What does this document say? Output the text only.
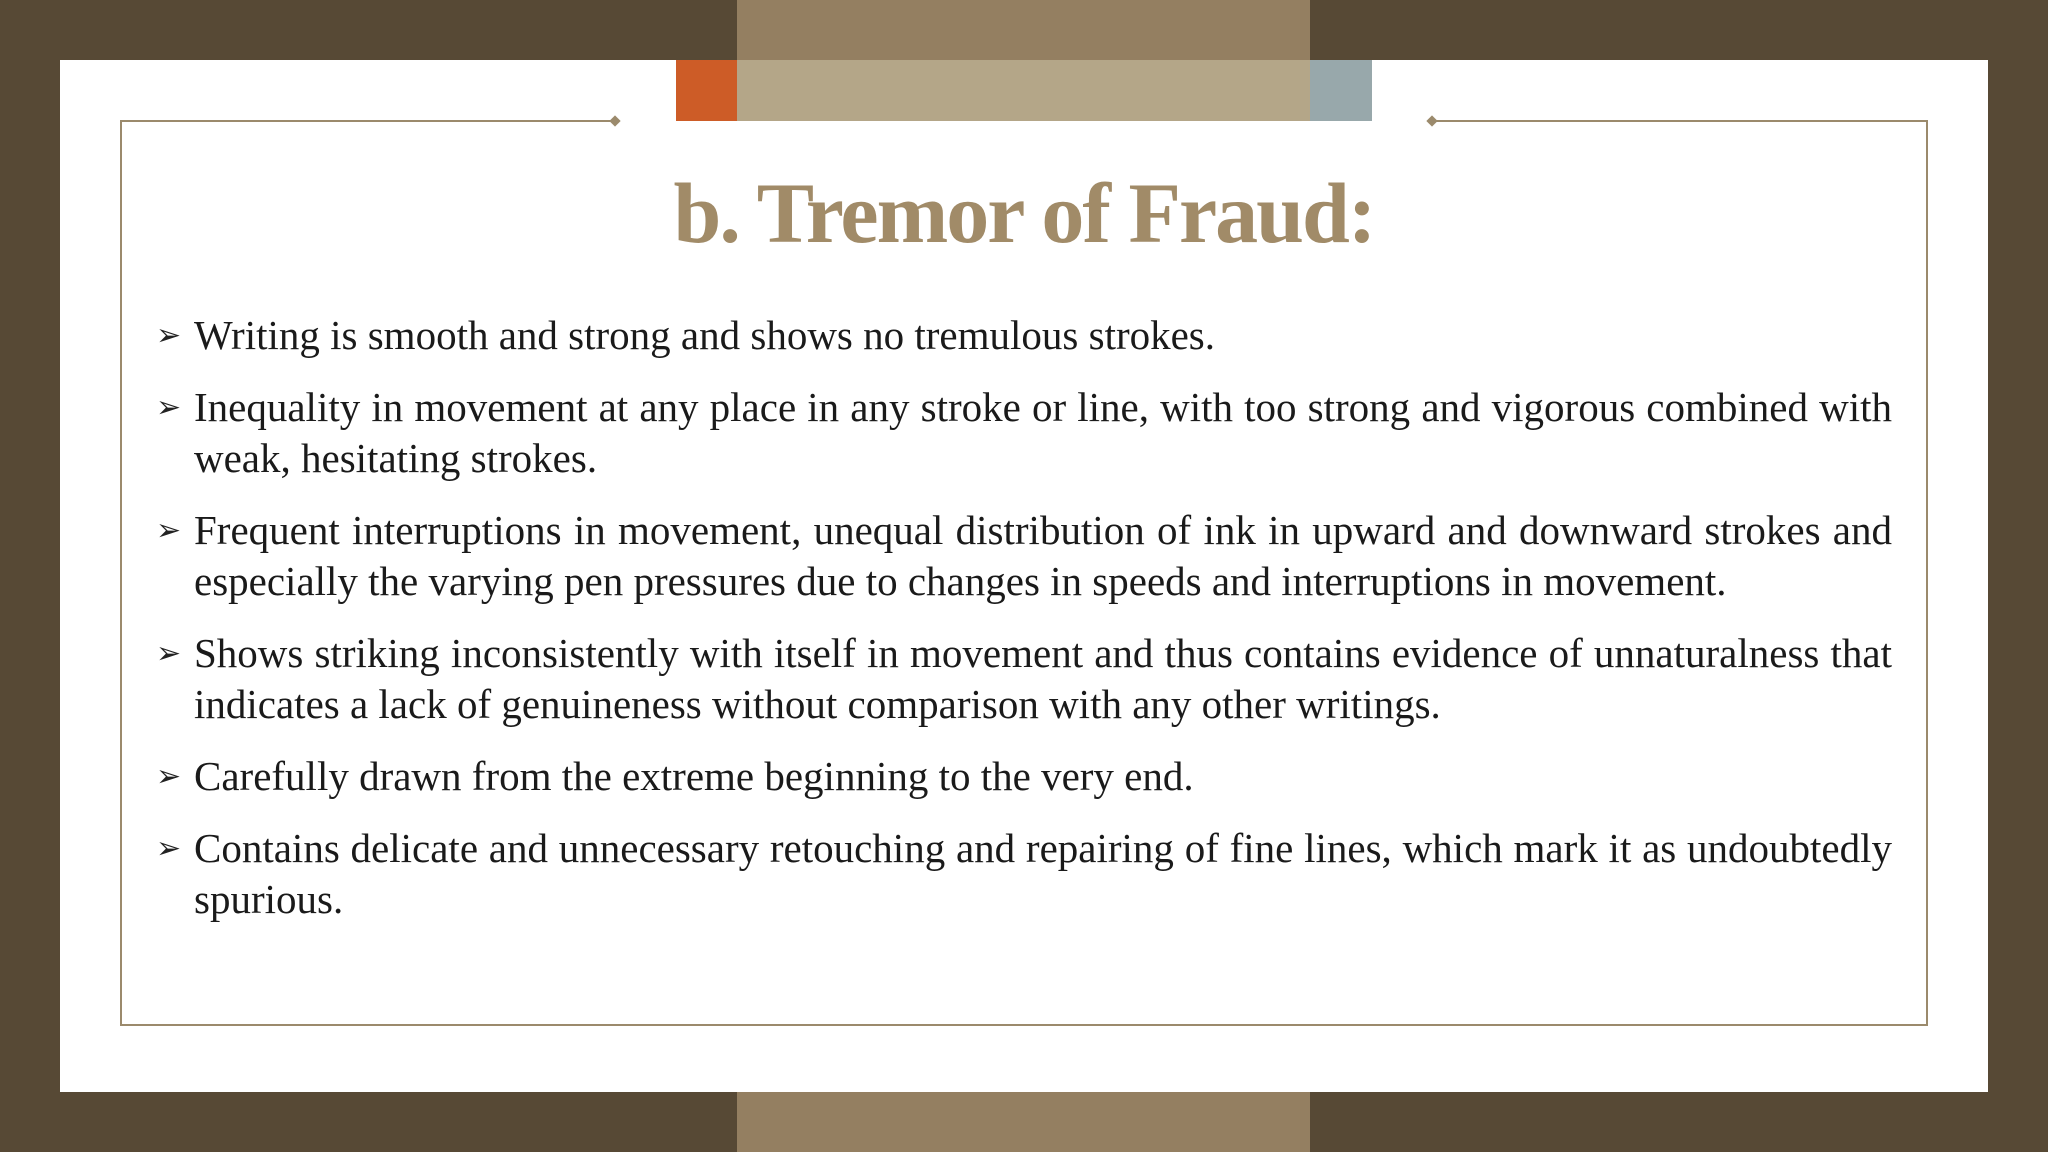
b. Tremor of Fraud:
➢ Writing is smooth and strong and shows no tremulous strokes.
➢ Inequality in movement at any place in any stroke or line, with too strong and vigorous combined with weak, hesitating strokes.
➢ Frequent interruptions in movement, unequal distribution of ink in upward and downward strokes and especially the varying pen pressures due to changes in speeds and interruptions in movement.
➢ Shows striking inconsistently with itself in movement and thus contains evidence of unnaturalness that indicates a lack of genuineness without comparison with any other writings.
➢ Carefully drawn from the extreme beginning to the very end.
➢ Contains delicate and unnecessary retouching and repairing of fine lines, which mark it as undoubtedly spurious.
